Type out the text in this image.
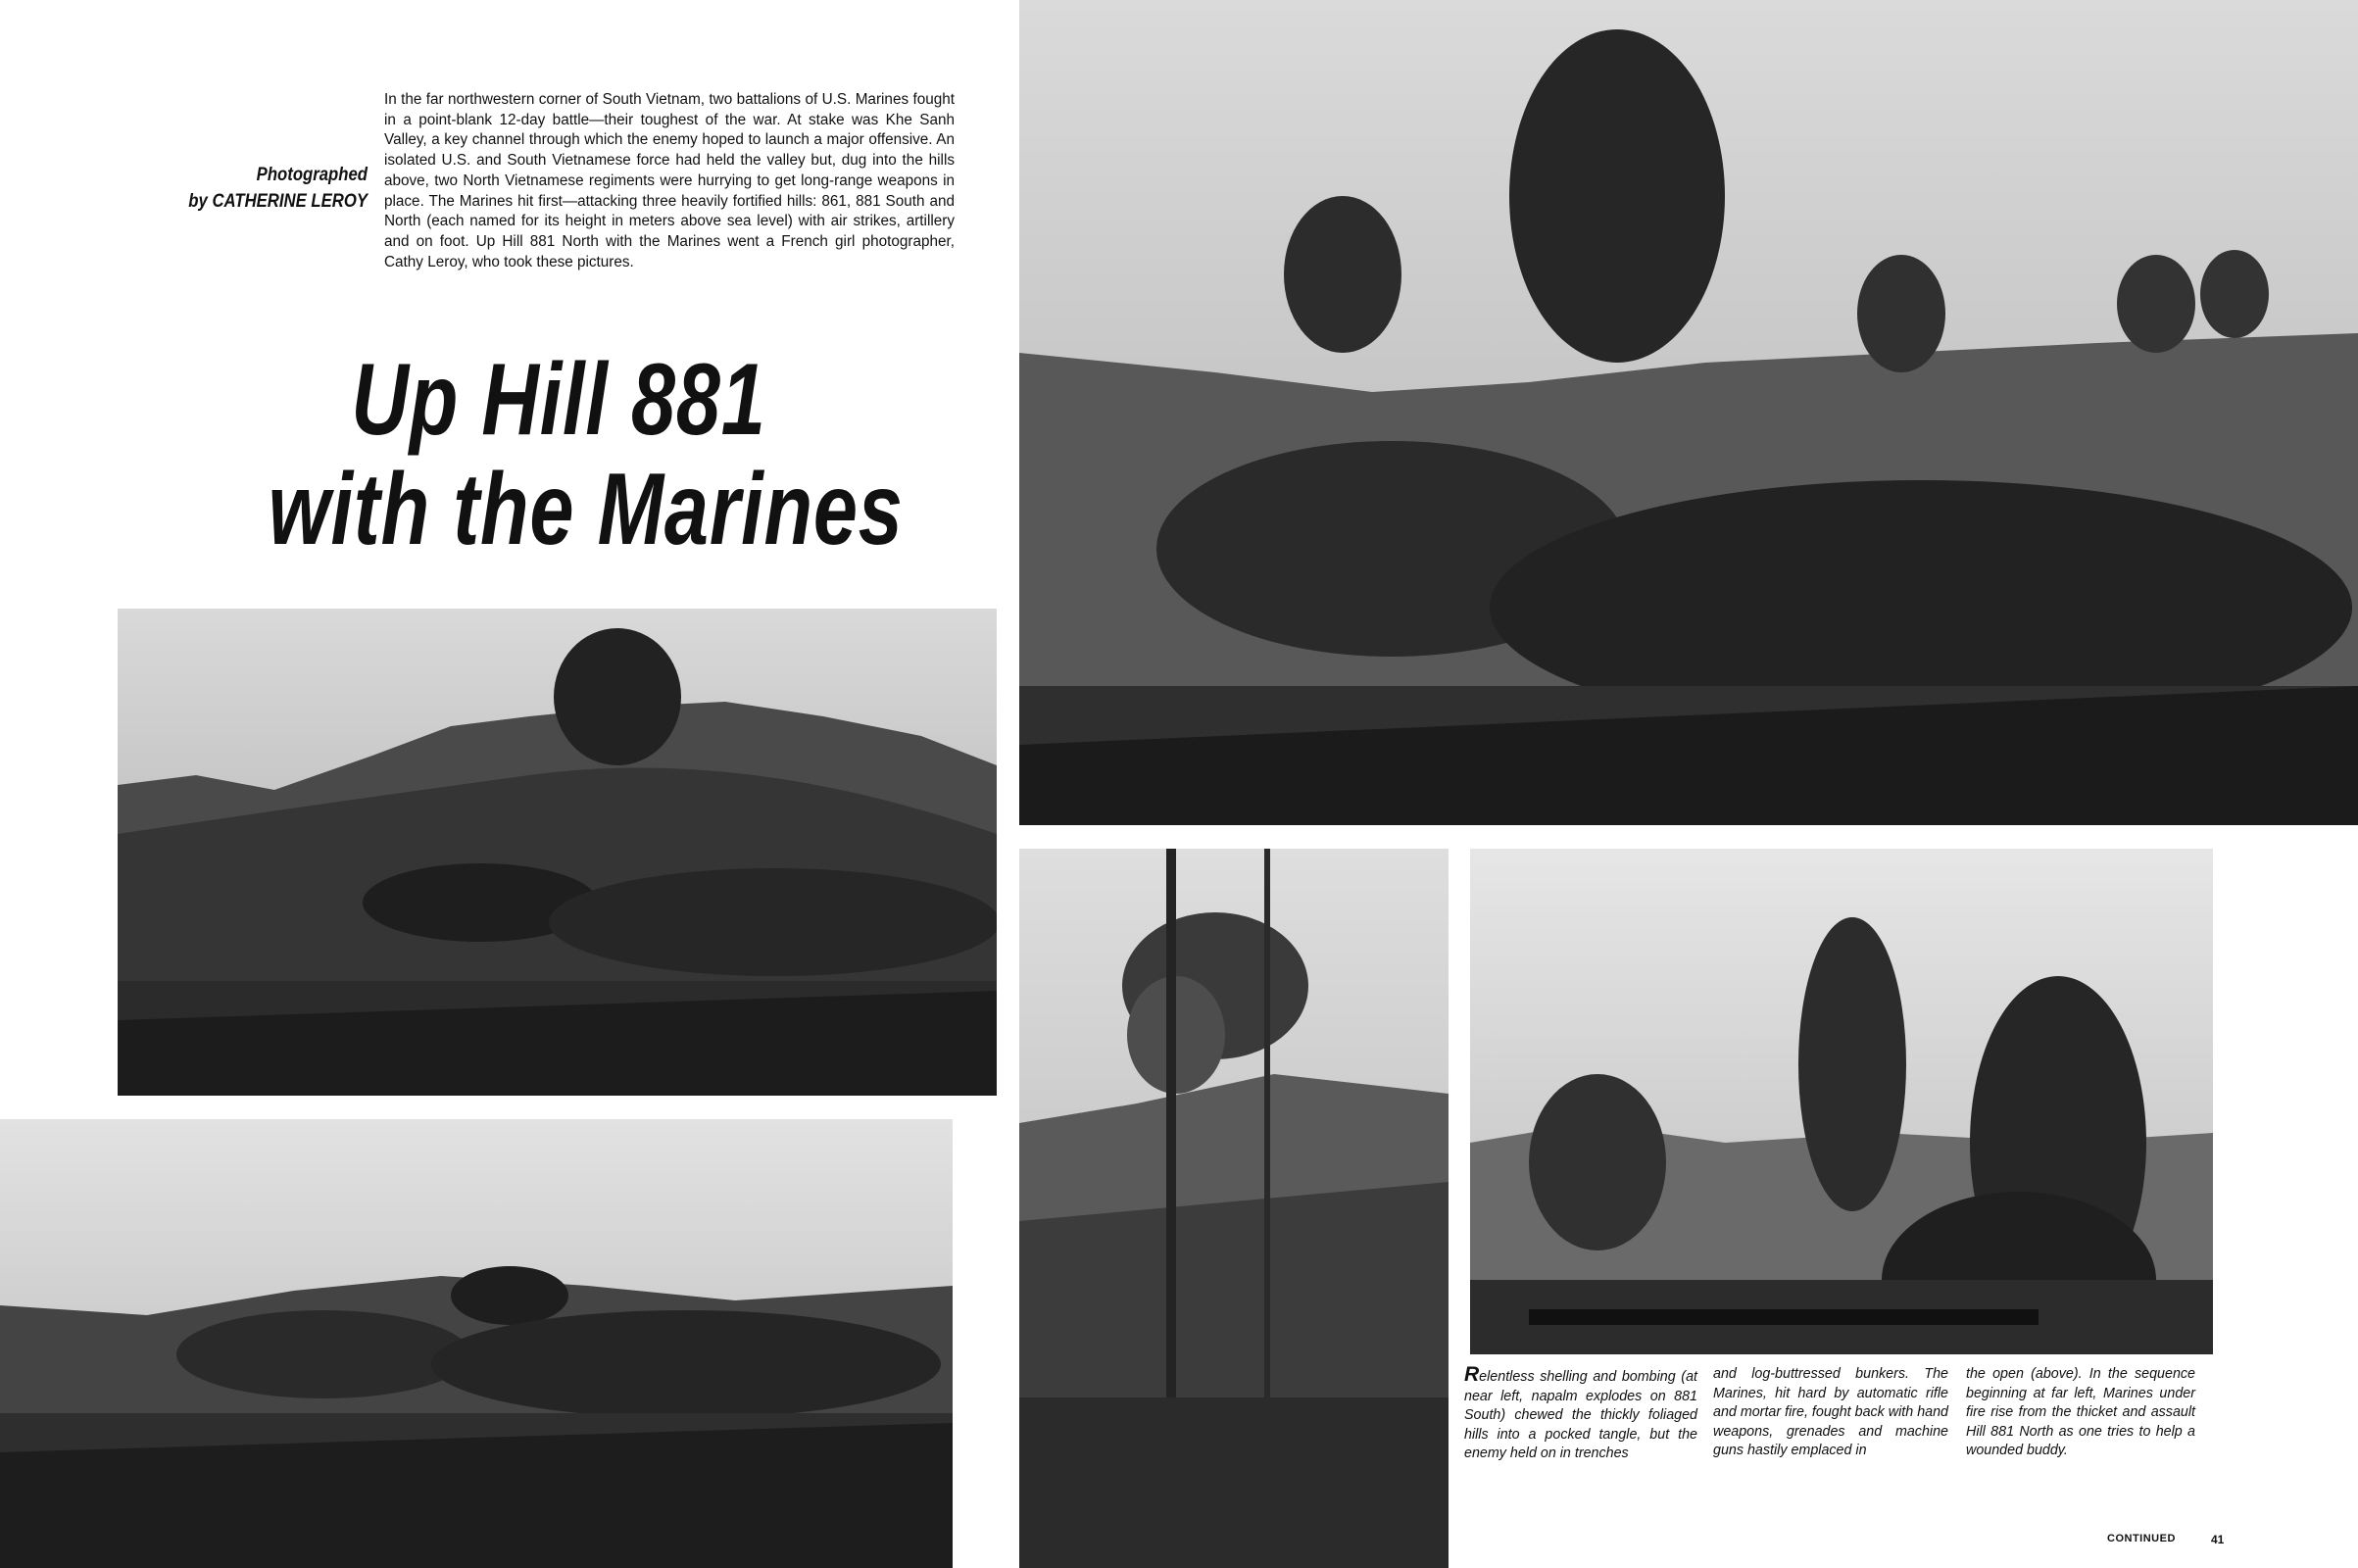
Photographed
by CATHERINE LEROY
In the far northwestern corner of South Vietnam, two battalions of U.S. Marines fought in a point-blank 12-day battle—their toughest of the war. At stake was Khe Sanh Valley, a key channel through which the enemy hoped to launch a major offensive. An isolated U.S. and South Vietnamese force had held the valley but, dug into the hills above, two North Vietnamese regiments were hurrying to get long-range weapons in place. The Marines hit first—attacking three heavily fortified hills: 861, 881 South and North (each named for its height in meters above sea level) with air strikes, artillery and on foot. Up Hill 881 North with the Marines went a French girl photographer, Cathy Leroy, who took these pictures.
Up Hill 881
with the Marines
Relentless shelling and bombing (at near left, napalm explodes on 881 South) chewed the thickly foliaged hills into a pocked tangle, but the enemy held on in trenches
and log-buttressed bunkers. The Marines, hit hard by automatic rifle and mortar fire, fought back with hand weapons, grenades and machine guns hastily emplaced in
the open (above). In the sequence beginning at far left, Marines under fire rise from the thicket and assault Hill 881 North as one tries to help a wounded buddy.
CONTINUED	41
